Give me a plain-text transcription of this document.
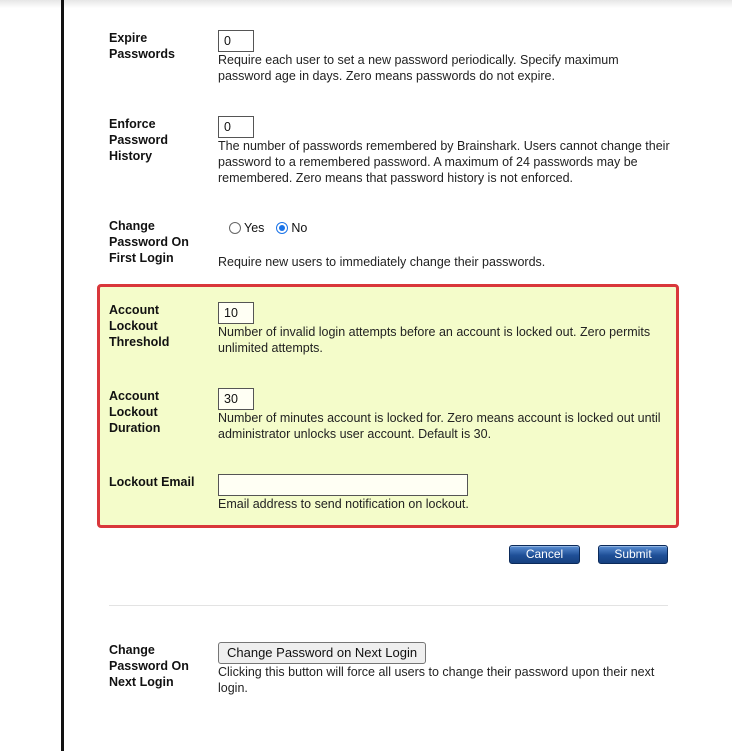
Expire Passwords
0	Require each user to set a new password periodically. Specify maximum password age in days. Zero means passwords do not expire.
Enforce Password History
0
The number of passwords remembered by Brainshark. Users cannot change their password to a remembered password. A maximum of 24 passwords may be remembered. Zero means that password history is not enforced.
Change Password On First Login
Yes No
Require new users to immediately change their passwords.
Account Lockout Threshold
10
Number of invalid login attempts before an account is locked out. Zero permits unlimited attempts.
Account Lockout Duration
30
Number of minutes account is locked for. Zero means account is locked out until administrator unlocks user account. Default is 30.
Lockout Email
Email address to send notification on lockout.
Cancel	Submit
Change Password On Next Login
Change Password on Next Login
Clicking this button will force all users to change their password upon their next login.
